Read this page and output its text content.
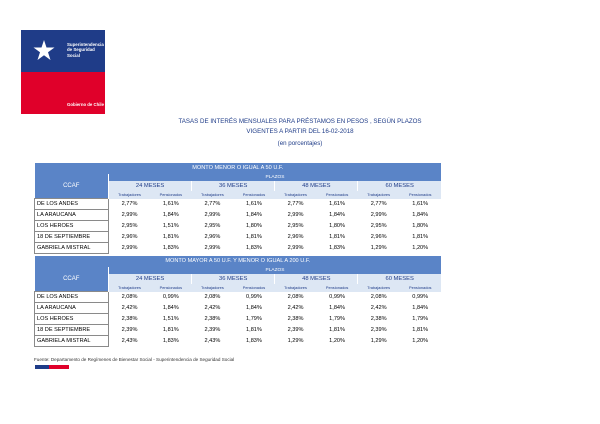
Superintendencia
de Seguridad
Social
Gobierno de Chile
TASAS DE INTERÉS MENSUALES PARA PRÉSTAMOS EN PESOS , SEGÚN PLAZOS
VIGENTES A PARTIR DEL 16-02-2018
(en porcentajes)
MONTO MENOR O IGUAL A 50 U.F.								
CCAF	PLAZOS							
	24 MESES		36 MESES		48 MESES		60 MESES	
	Trabajadores	Pensionados	Trabajadores	Pensionados	Trabajadores	Pensionados	Trabajadores	Pensionados
DE LOS ANDES	2,77%	1,61%	2,77%	1,61%	2,77%	1,61%	2,77%	1,61%
LA ARAUCANA	2,99%	1,84%	2,99%	1,84%	2,99%	1,84%	2,99%	1,84%
LOS HEROES	2,95%	1,51%	2,95%	1,80%	2,95%	1,80%	2,95%	1,80%
18 DE SEPTIEMBRE	2,96%	1,81%	2,96%	1,81%	2,96%	1,81%	2,96%	1,81%
GABRIELA MISTRAL	2,99%	1,83%	2,99%	1,83%	2,99%	1,83%	1,29%	1,20%
MONTO MAYOR A 50 U.F. Y MENOR O IGUAL A 200 U.F.								
CCAF	PLAZOS							
	24 MESES		36 MESES		48 MESES		60 MESES	
	Trabajadores	Pensionados	Trabajadores	Pensionados	Trabajadores	Pensionados	Trabajadores	Pensionados
DE LOS ANDES	2,08%	0,99%	2,08%	0,99%	2,08%	0,99%	2,08%	0,99%
LA ARAUCANA	2,42%	1,84%	2,42%	1,84%	2,42%	1,84%	2,42%	1,84%
LOS HEROES	2,38%	1,51%	2,38%	1,79%	2,38%	1,79%	2,38%	1,79%
18 DE SEPTIEMBRE	2,39%	1,81%	2,39%	1,81%	2,39%	1,81%	2,39%	1,81%
GABRIELA MISTRAL	2,43%	1,83%	2,43%	1,83%	1,29%	1,20%	1,29%	1,20%
Fuente: Departamento de Regímenes de Bienestar Social - Superintendencia de Seguridad Social
